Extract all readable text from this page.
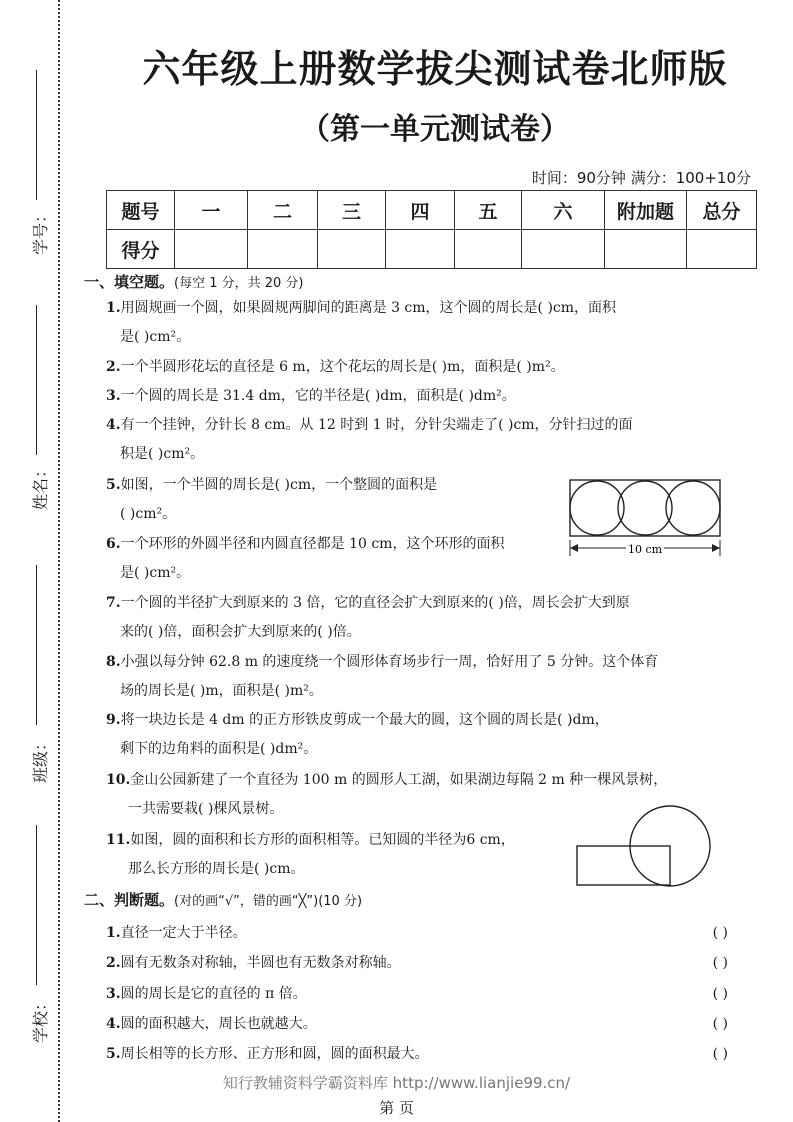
学号：
姓名：
班级：
学校：
六年级上册数学拔尖测试卷北师版
（第一单元测试卷）
时间：90分钟 满分：100+10分
题号	一	二	三	四	五	六	附加题	总分
得分								
一、填空题。(每空 1 分，共 20 分)
1.用圆规画一个圆，如果圆规两脚间的距离是 3 cm，这个圆的周长是( )cm，面积
是( )cm²。
2.一个半圆形花坛的直径是 6 m，这个花坛的周长是( )m，面积是( )m²。
3.一个圆的周长是 31.4 dm，它的半径是( )dm，面积是( )dm²。
4.有一个挂钟，分针长 8 cm。从 12 时到 1 时，分针尖端走了( )cm，分针扫过的面
积是( )cm²。
5.如图，一个半圆的周长是( )cm，一个整圆的面积是
( )cm²。
6.一个环形的外圆半径和内圆直径都是 10 cm，这个环形的面积
是( )cm²。
10 cm
7.一个圆的半径扩大到原来的 3 倍，它的直径会扩大到原来的( )倍，周长会扩大到原
来的( )倍，面积会扩大到原来的( )倍。
8.小强以每分钟 62.8 m 的速度绕一个圆形体育场步行一周，恰好用了 5 分钟。这个体育
场的周长是( )m，面积是( )m²。
9.将一块边长是 4 dm 的正方形铁皮剪成一个最大的圆，这个圆的周长是( )dm，
剩下的边角料的面积是( )dm²。
10.金山公园新建了一个直径为 100 m 的圆形人工湖，如果湖边每隔 2 m 种一棵风景树，
一共需要栽( )棵风景树。
11.如图，圆的面积和长方形的面积相等。已知圆的半径为6 cm，
那么长方形的周长是( )cm。
二、判断题。(对的画“√”，错的画“╳”)(10 分)
1.直径一定大于半径。	( )
2.圆有无数条对称轴，半圆也有无数条对称轴。	( )
3.圆的周长是它的直径的 π 倍。	( )
4.圆的面积越大，周长也就越大。	( )
5.周长相等的长方形、正方形和圆，圆的面积最大。	( )
知行教辅资料学霸资料库 http://www.lianjie99.cn/
第 页
